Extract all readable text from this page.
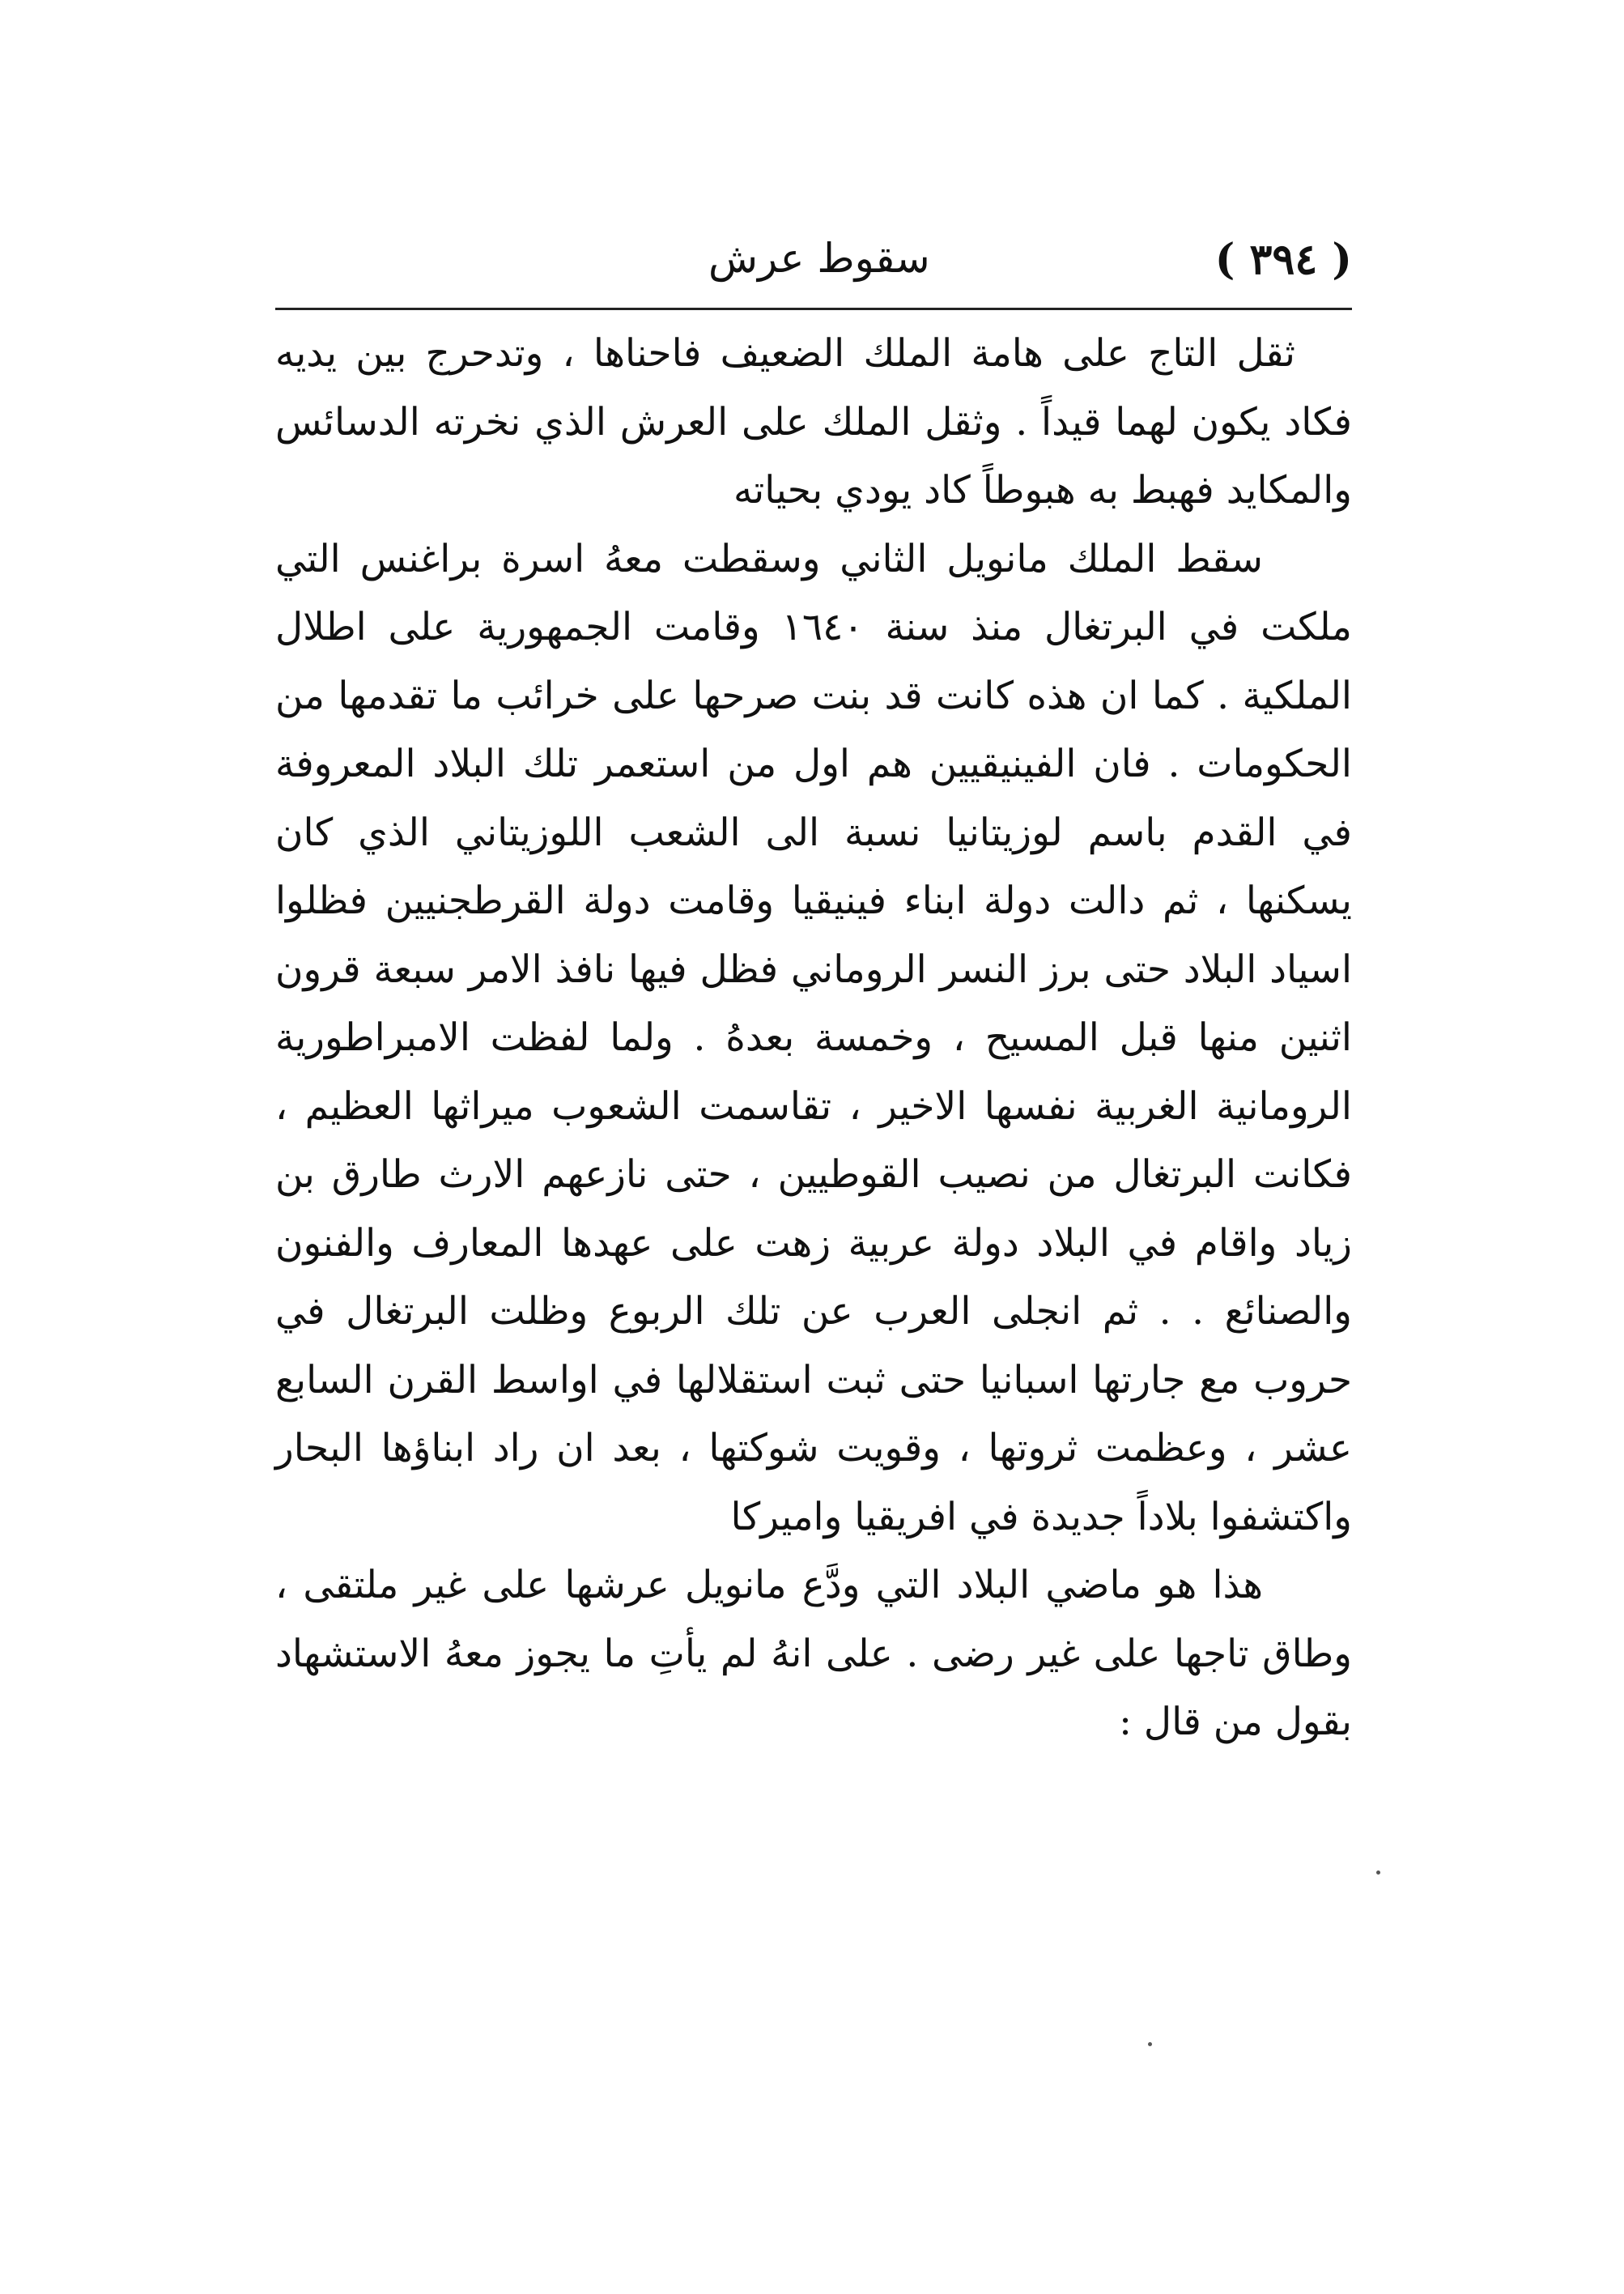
( ٣٩٤ )
سقوط عرش

ثقل التاج على هامة الملك الضعيف فاحناها ، وتدحرج بين يديه فكاد يكون لهما قيداً . وثقل الملك على العرش الذي نخرته الدسائس والمكايد فهبط به هبوطاً كاد يودي بحياته

سقط الملك مانويل الثاني وسقطت معهُ اسرة براغنس التي ملكت في البرتغال منذ سنة ١٦٤٠ وقامت الجمهورية على اطلال الملكية . كما ان هذه كانت قد بنت صرحها على خرائب ما تقدمها من الحكومات . فان الفينيقيين هم اول من استعمر تلك البلاد المعروفة في القدم باسم لوزيتانيا نسبة الى الشعب اللوزيتاني الذي كان يسكنها ، ثم دالت دولة ابناء فينيقيا وقامت دولة القرطجنيين فظلوا اسياد البلاد حتى برز النسر الروماني فظل فيها نافذ الامر سبعة قرون اثنين منها قبل المسيح ، وخمسة بعدهُ . ولما لفظت الامبراطورية الرومانية الغربية نفسها الاخير ، تقاسمت الشعوب ميراثها العظيم ، فكانت البرتغال من نصيب القوطيين ، حتى نازعهم الارث طارق بن زياد واقام في البلاد دولة عربية زهت على عهدها المعارف والفنون والصنائع . . ثم انجلى العرب عن تلك الربوع وظلت البرتغال في حروب مع جارتها اسبانيا حتى ثبت استقلالها في اواسط القرن السابع عشر ، وعظمت ثروتها ، وقويت شوكتها ، بعد ان راد ابناؤها البحار واكتشفوا بلاداً جديدة في افريقيا واميركا

هذا هو ماضي البلاد التي ودَّع مانويل عرشها على غير ملتقى ، وطاق تاجها على غير رضى . على انهُ لم يأتِ ما يجوز معهُ الاستشهاد بقول من قال :
